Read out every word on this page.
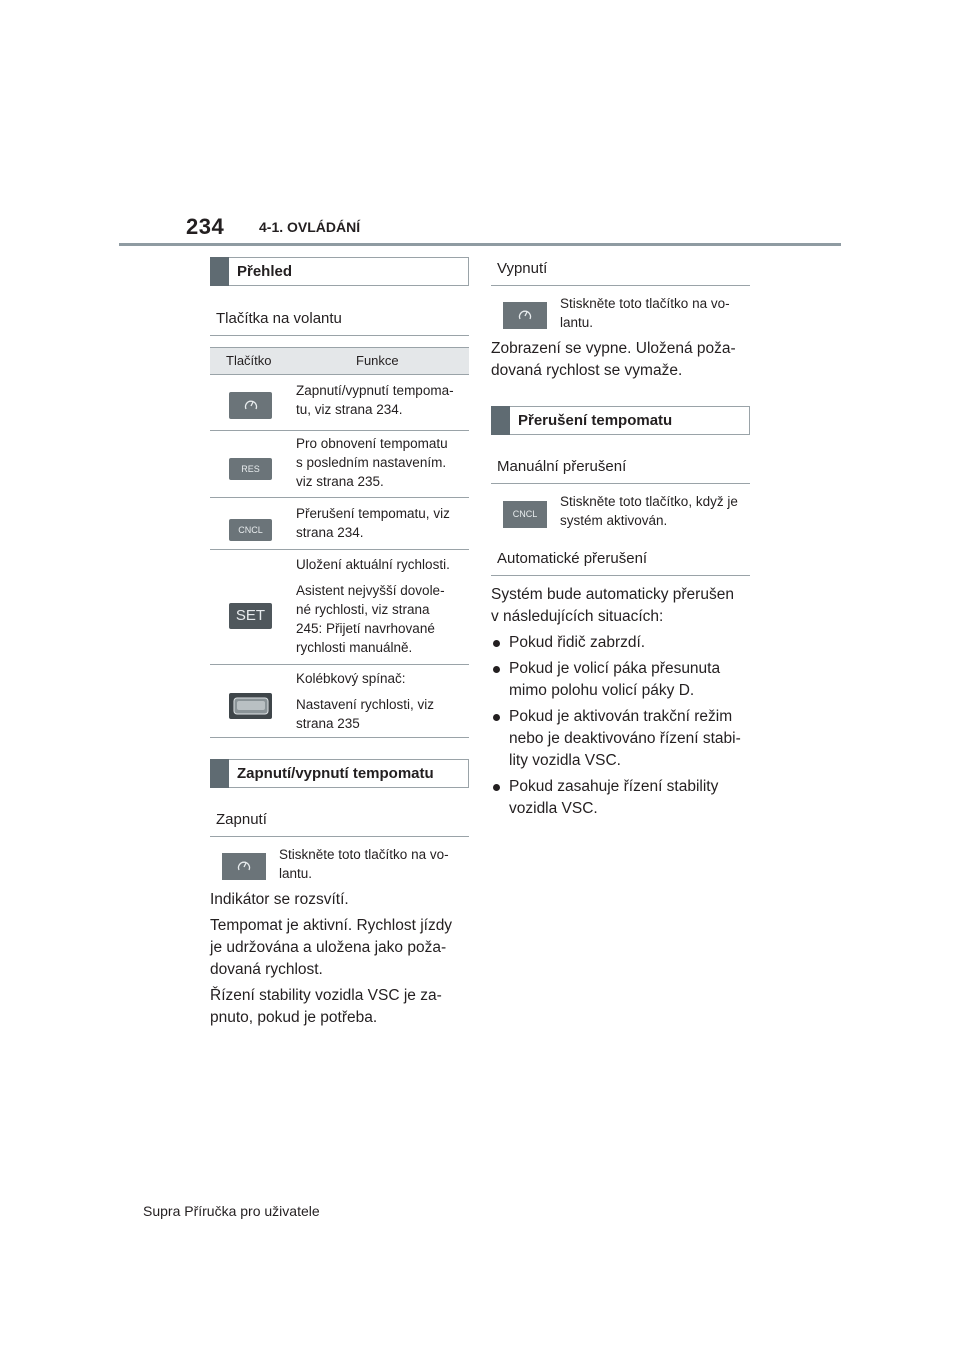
234 4-1. OVLÁDÁNÍ
Přehled
Tlačítka na volantu
Tlačítko	Funkce
Zapnutí/vypnutí tempoma-
tu, viz strana 234.
RES
Pro obnovení tempomatu
s posledním nastavením.
viz strana 235.
CNCL
Přerušení tempomatu, viz
strana 234.
SET
Uložení aktuální rychlosti.
Asistent nejvyšší dovole-
né rychlosti, viz strana
245: Přijetí navrhované
rychlosti manuálně.
Kolébkový spínač:
Nastavení rychlosti, viz
strana 235
Zapnutí/vypnutí tempomatu
Zapnutí
Stiskněte toto tlačítko na vo-
lantu.

Indikátor se rozsvítí.

Tempomat je aktivní. Rychlost jízdy
je udržována a uložena jako poža-
dovaná rychlost.
Řízení stability vozidla VSC je za-
pnuto, pokud je potřeba.
Vypnutí
Stiskněte toto tlačítko na vo-
lantu.
Zobrazení se vypne. Uložená poža-
dovaná rychlost se vymaže.
Přerušení tempomatu
Manuální přerušení
CNCL
Stiskněte toto tlačítko, když je
systém aktivován.
Automatické přerušení
Systém bude automaticky přerušen
v následujících situacích:
Pokud řidič zabrzdí.
Pokud je volicí páka přesunuta
mimo polohu volicí páky D.
Pokud je aktivován trakční režim
nebo je deaktivováno řízení stabi-
lity vozidla VSC.
Pokud zasahuje řízení stability
vozidla VSC.
Supra Příručka pro uživatele
